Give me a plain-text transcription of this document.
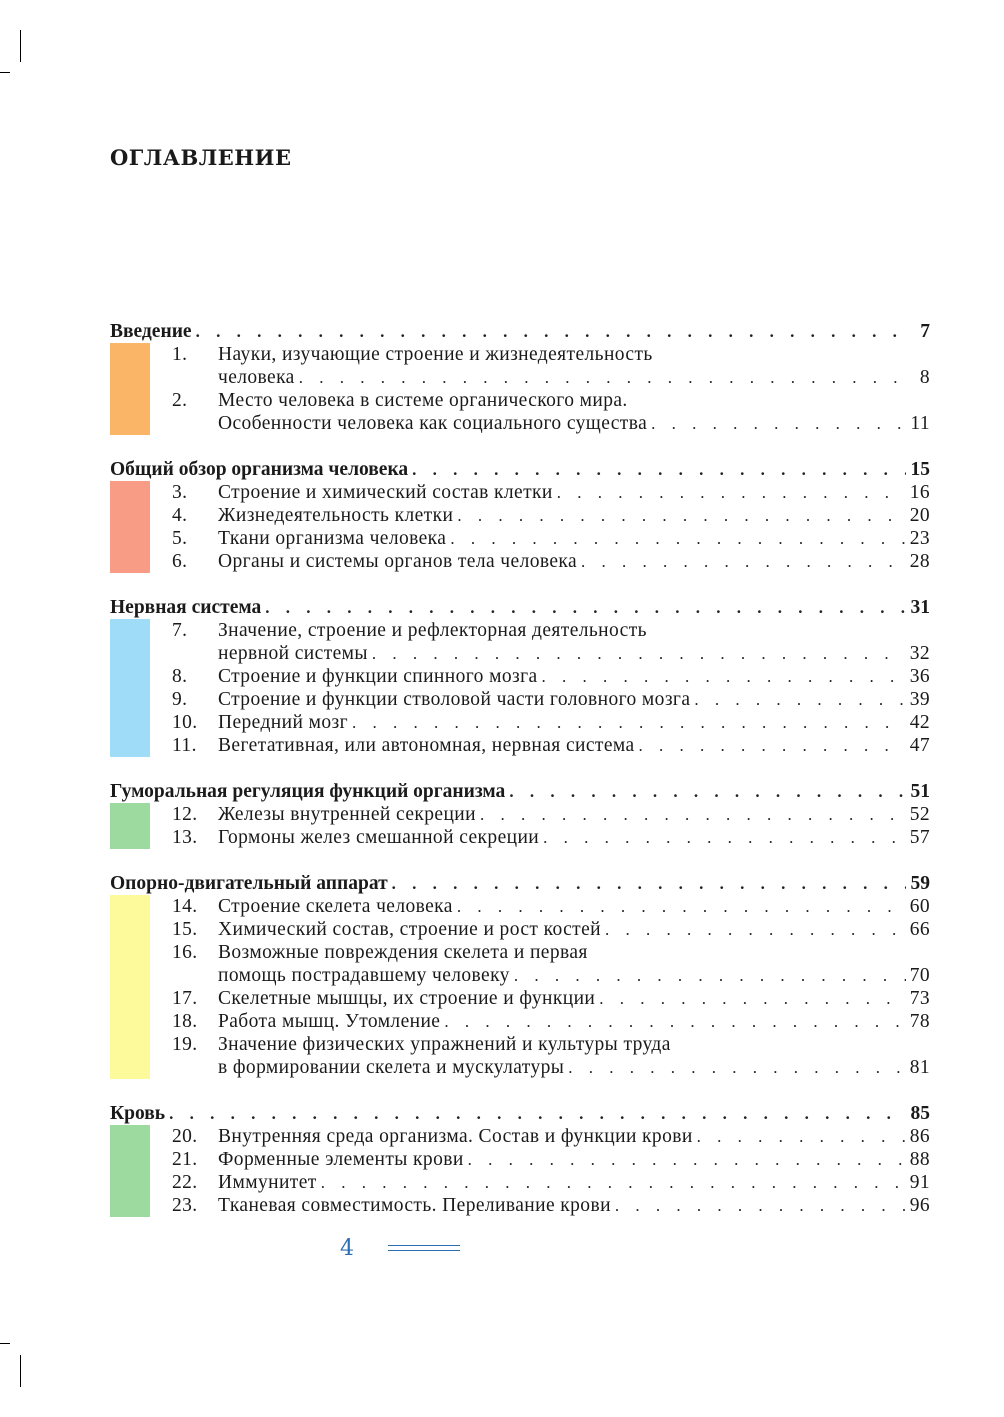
ОГЛАВЛЕНИЕ
Введение . . .	7
1.	Науки, изучающие строение и жизнедеятельность
человека . . .	8
2.	Место человека в системе органического мира.
Особенности человека как социального существа . . .	11
Общий обзор организма человека . . .	15
3.	Строение и химический состав клетки . . .	16
4.	Жизнедеятельность клетки . . .	20
5.	Ткани организма человека . . .	23
6.	Органы и системы органов тела человека . . .	28
Нервная система . . .	31
7.	Значение, строение и рефлекторная деятельность
нервной системы . . .	32
8.	Строение и функции спинного мозга . . .	36
9.	Строение и функции стволовой части головного мозга . . .	39
10.	Передний мозг . . .	42
11.	Вегетативная, или автономная, нервная система . . .	47
Гуморальная регуляция функций организма . . .	51
12.	Железы внутренней секреции . . .	52
13.	Гормоны желез смешанной секреции . . .	57
Опорно-двигательный аппарат . . .	59
14.	Строение скелета человека . . .	60
15.	Химический состав, строение и рост костей . . .	66
16.	Возможные повреждения скелета и первая
помощь пострадавшему человеку . . .	70
17.	Скелетные мышцы, их строение и функции . . .	73
18.	Работа мышц. Утомление . . .	78
19.	Значение физических упражнений и культуры труда
в формировании скелета и мускулатуры . . .	81
Кровь . . .	85
20.	Внутренняя среда организма. Состав и функции крови . . .	86
21.	Форменные элементы крови . . .	88
22.	Иммунитет . . .	91
23.	Тканевая совместимость. Переливание крови . . .	96
4
